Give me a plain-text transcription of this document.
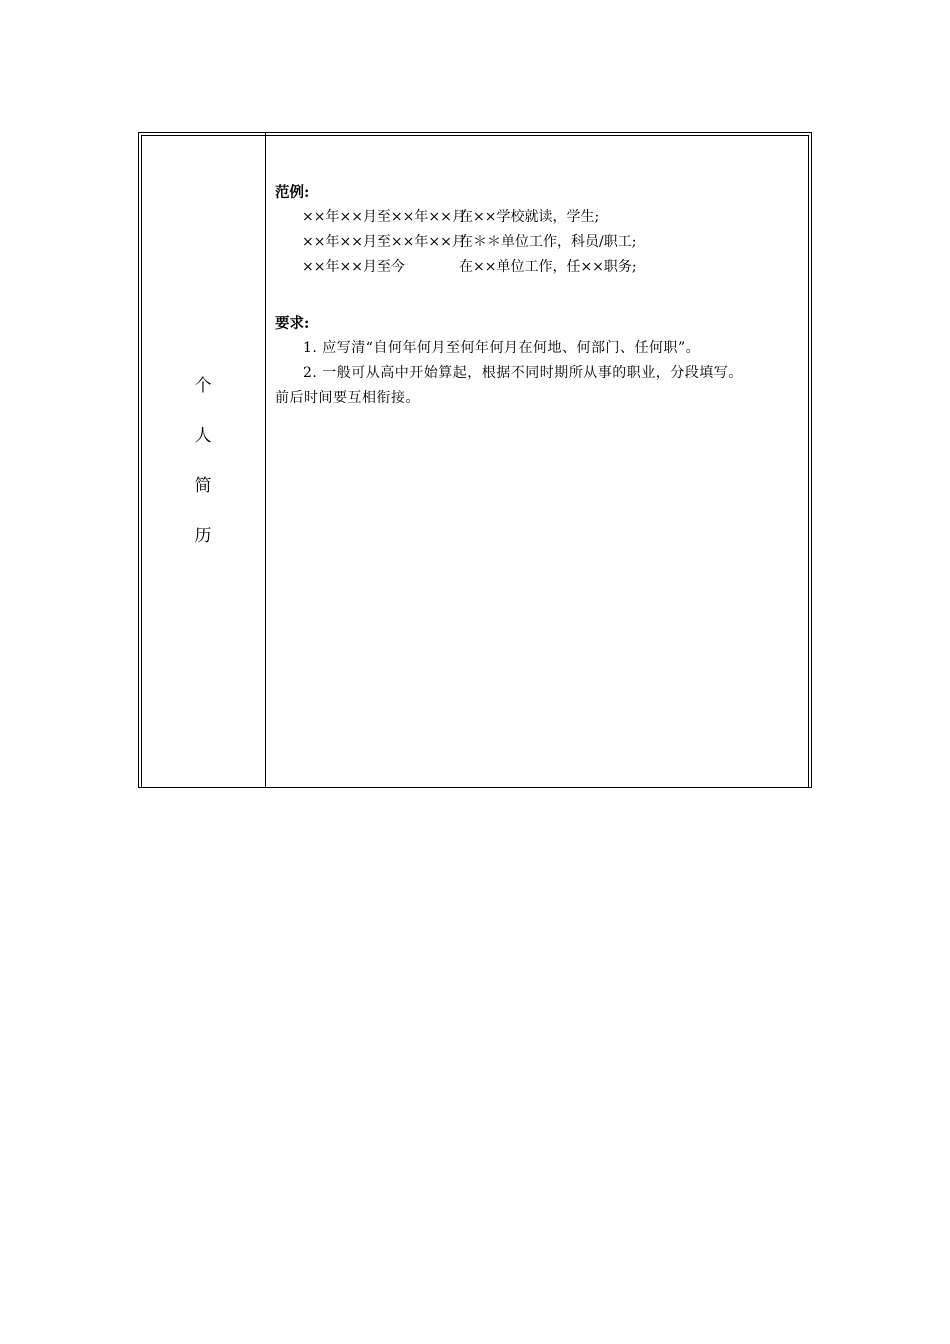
个
人
简
历
范例:
××年××月至××年××月在××学校就读，学生;
××年××月至××年××月在＊＊单位工作，科员/职工;
××年××月至今	在××单位工作，任××职务;
要求:
1. 应写清“自何年何月至何年何月在何地、何部门、任何职”。
2. 一般可从高中开始算起，根据不同时期所从事的职业，分段填写。
前后时间要互相衔接。
